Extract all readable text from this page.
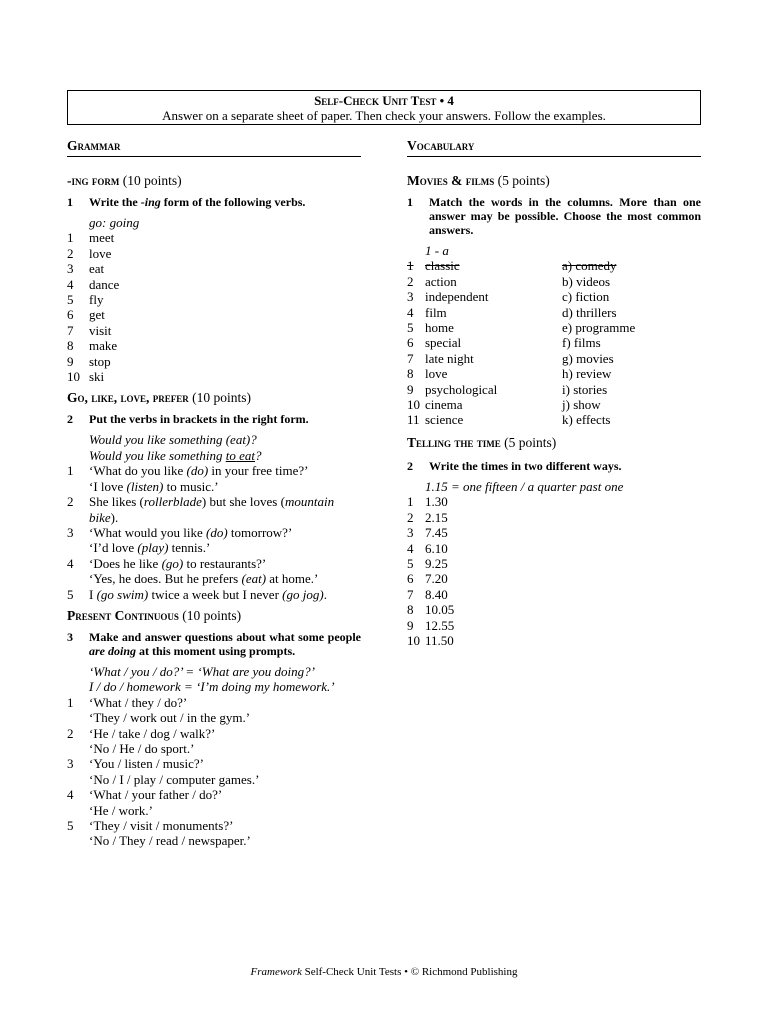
Self-Check Unit Test • 4
Answer on a separate sheet of paper. Then check your answers. Follow the examples.
Grammar
-ing form (10 points)
1	Write the -ing form of the following verbs.
go: going
1	meet
2	love
3	eat
4	dance
5	fly
6	get
7	visit
8	make
9	stop
10 ski
Go, like, love, prefer (10 points)
2	Put the verbs in brackets in the right form.
Would you like something (eat)?
Would you like something to eat?
1	‘What do you like (do) in your free time?’
‘I love (listen) to music.’
2	She likes (rollerblade) but she loves (mountain bike).
3	‘What would you like (do) tomorrow?’
‘I’d love (play) tennis.’
4	‘Does he like (go) to restaurants?’
‘Yes, he does. But he prefers (eat) at home.’
5	I (go swim) twice a week but I never (go jog).
Present Continuous (10 points)
3	Make and answer questions about what some people are doing at this moment using prompts.
‘What / you / do?’ = ‘What are you doing?’
I / do / homework = ‘I’m doing my homework.’
1	‘What / they / do?’
‘They / work out / in the gym.’
2	‘He / take / dog / walk?’
‘No / He / do sport.’
3	‘You / listen / music?’
‘No / I / play / computer games.’
4	‘What / your father / do?’
‘He / work.’
5	‘They / visit / monuments?’
‘No / They / read / newspaper.’
Vocabulary
Movies & films (5 points)
1	Match the words in the columns. More than one answer may be possible. Choose the most common answers.
1 - a
1 classic	a) comedy
2 action	b) videos
3 independent	c) fiction
4 film	d) thrillers
5 home	e) programme
6 special	f) films
7 late night	g) movies
8 love	h) review
9 psychological	i) stories
10 cinema	j) show
11 science	k) effects
Telling the time (5 points)
2	Write the times in two different ways.
1.15 = one fifteen / a quarter past one
1 1.30
2 2.15
3 7.45
4 6.10
5 9.25
6 7.20
7 8.40
8 10.05
9 12.55
10 11.50
Framework Self-Check Unit Tests • © Richmond Publishing
